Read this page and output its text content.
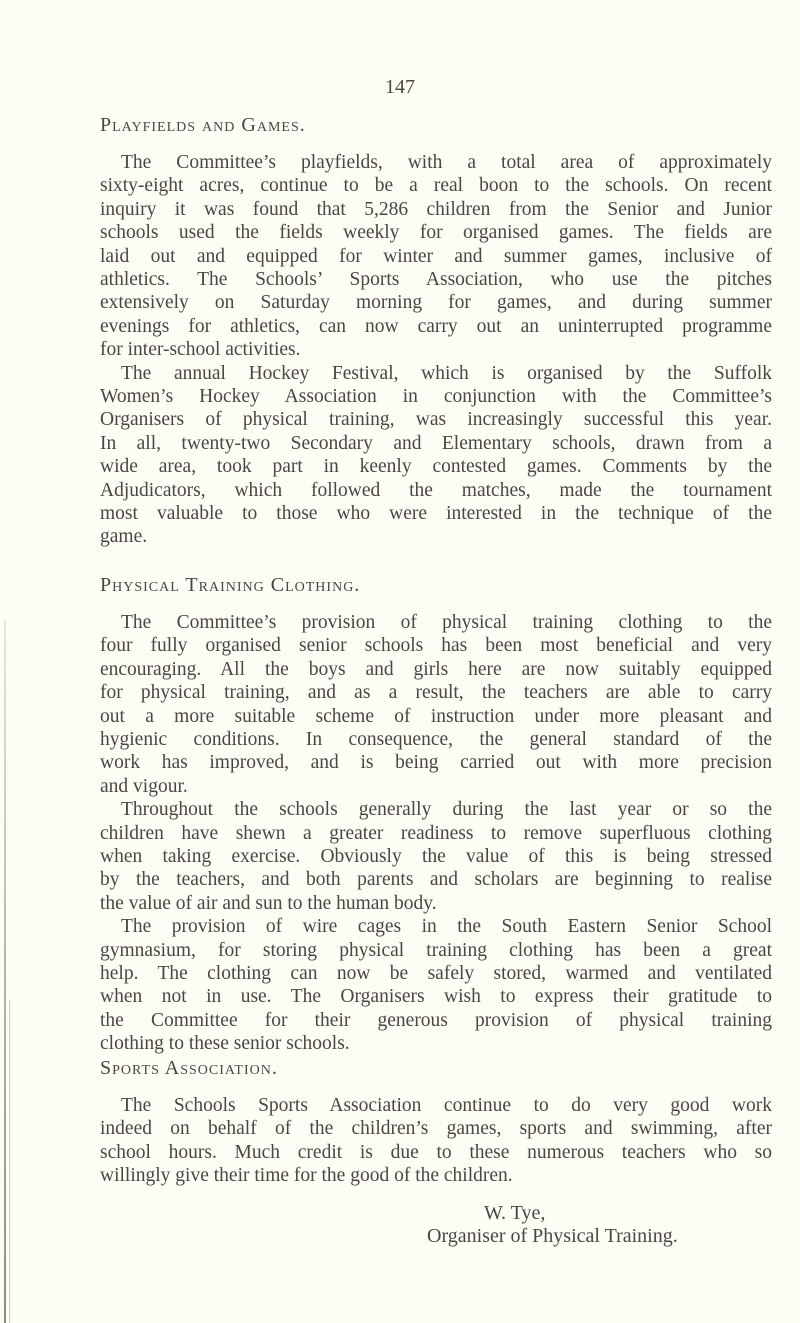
147
Playfields and Games.
The Committee’s playfields, with a total area of approximately
sixty-eight acres, continue to be a real boon to the schools. On recent
inquiry it was found that 5,286 children from the Senior and Junior
schools used the fields weekly for organised games. The fields are
laid out and equipped for winter and summer games, inclusive of
athletics. The Schools’ Sports Association, who use the pitches
extensively on Saturday morning for games, and during summer
evenings for athletics, can now carry out an uninterrupted programme
for inter-school activities.
The annual Hockey Festival, which is organised by the Suffolk
Women’s Hockey Association in conjunction with the Committee’s
Organisers of physical training, was increasingly successful this year.
In all, twenty-two Secondary and Elementary schools, drawn from a
wide area, took part in keenly contested games. Comments by the
Adjudicators, which followed the matches, made the tournament
most valuable to those who were interested in the technique of the
game.
Physical Training Clothing.
The Committee’s provision of physical training clothing to the
four fully organised senior schools has been most beneficial and very
encouraging. All the boys and girls here are now suitably equipped
for physical training, and as a result, the teachers are able to carry
out a more suitable scheme of instruction under more pleasant and
hygienic conditions. In consequence, the general standard of the
work has improved, and is being carried out with more precision
and vigour.
Throughout the schools generally during the last year or so the
children have shewn a greater readiness to remove superfluous clothing
when taking exercise. Obviously the value of this is being stressed
by the teachers, and both parents and scholars are beginning to realise
the value of air and sun to the human body.
The provision of wire cages in the South Eastern Senior School
gymnasium, for storing physical training clothing has been a great
help. The clothing can now be safely stored, warmed and ventilated
when not in use. The Organisers wish to express their gratitude to
the Committee for their generous provision of physical training
clothing to these senior schools.
Sports Association.
The Schools Sports Association continue to do very good work
indeed on behalf of the children’s games, sports and swimming, after
school hours. Much credit is due to these numerous teachers who so
willingly give their time for the good of the children.
W. Tye,
Organiser of Physical Training.
